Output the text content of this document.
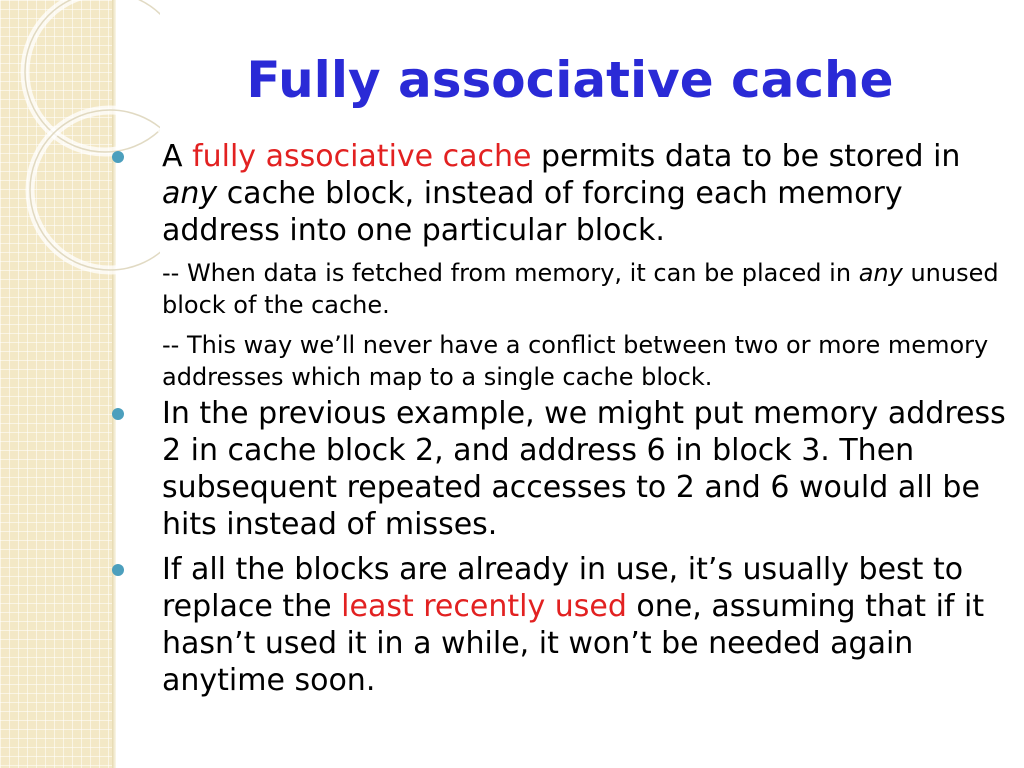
Fully associative cache
A fully associative cache permits data to be stored in any cache block, instead of forcing each memory address into one particular block.
-- When data is fetched from memory, it can be placed in any unused block of the cache.
-- This way we’ll never have a conflict between two or more memory addresses which map to a single cache block.
In the previous example, we might put memory address 2 in cache block 2, and address 6 in block 3. Then subsequent repeated accesses to 2 and 6 would all be hits instead of misses.
If all the blocks are already in use, it’s usually best to replace the least recently used one, assuming that if it hasn’t used it in a while, it won’t be needed again anytime soon.
